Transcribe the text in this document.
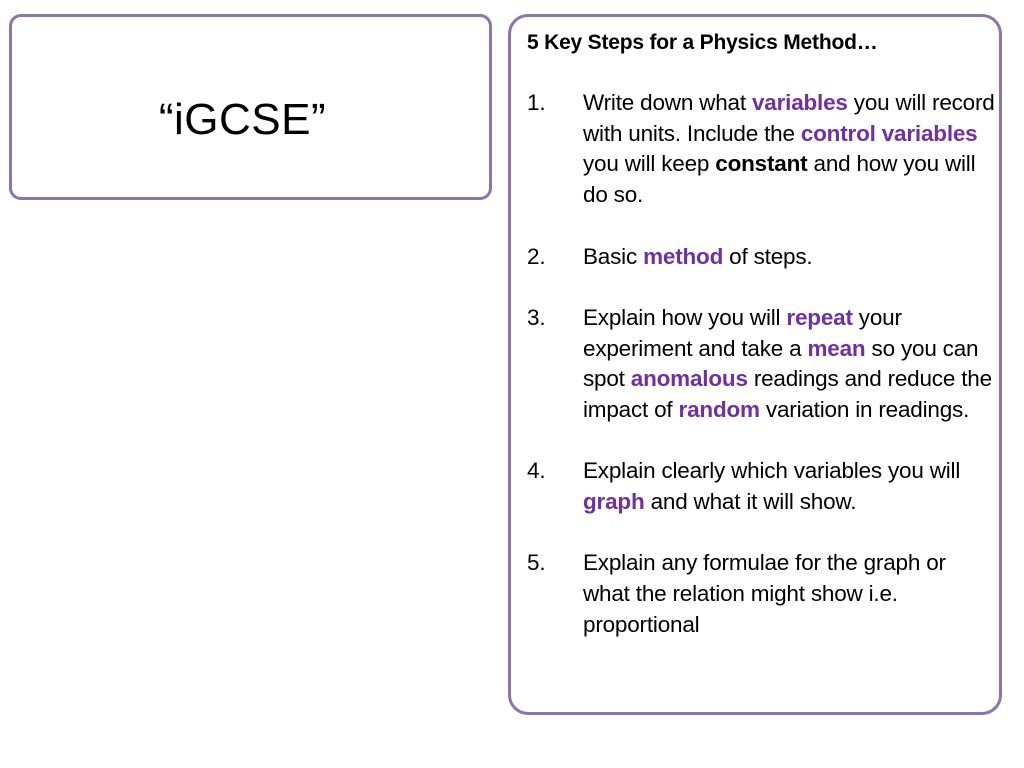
“iGCSE”
5 Key Steps for a Physics Method…
1. Write down what variables you will record with units. Include the control variables you will keep constant and how you will do so.
2. Basic method of steps.
3. Explain how you will repeat your experiment and take a mean so you can spot anomalous readings and reduce the impact of random variation in readings.
4. Explain clearly which variables you will graph and what it will show.
5. Explain any formulae for the graph or what the relation might show i.e. proportional
